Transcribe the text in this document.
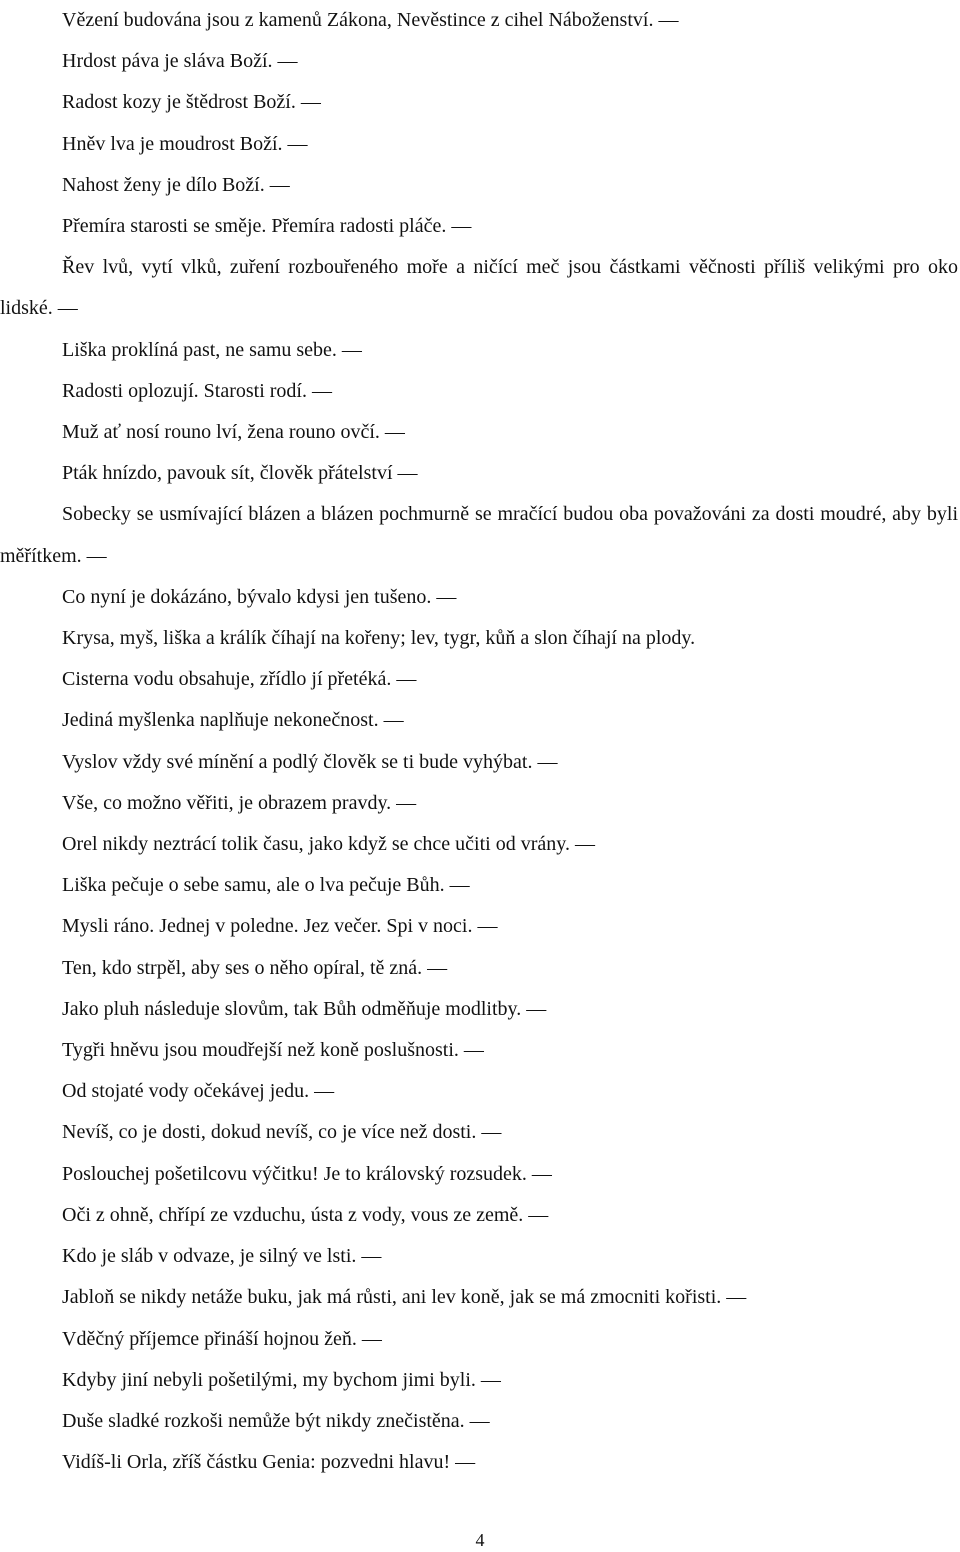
Vězení budována jsou z kamenů Zákona, Nevěstince z cihel Náboženství. —

Hrdost páva je sláva Boží. —

Radost kozy je štědrost Boží. —

Hněv lva je moudrost Boží. —

Nahost ženy je dílo Boží. —

Přemíra starosti se směje. Přemíra radosti pláče. —

Řev lvů, vytí vlků, zuření rozbouřeného moře a ničící meč jsou částkami věčnosti příliš velikými pro oko lidské. —

Liška proklíná past, ne samu sebe. —

Radosti oplozují. Starosti rodí. —

Muž ať nosí rouno lví, žena rouno ovčí. —

Pták hnízdo, pavouk sít, člověk přátelství —

Sobecky se usmívající blázen a blázen pochmurně se mračící budou oba považováni za dosti moudré, aby byli měřítkem. —

Co nyní je dokázáno, bývalo kdysi jen tušeno. —

Krysa, myš, liška a králík číhají na kořeny; lev, tygr, kůň a slon číhají na plody.

Cisterna vodu obsahuje, zřídlo jí přetéká. —

Jediná myšlenka naplňuje nekonečnost. —

Vyslov vždy své mínění a podlý člověk se ti bude vyhýbat. —

Vše, co možno věřiti, je obrazem pravdy. —

Orel nikdy neztrácí tolik času, jako když se chce učiti od vrány. —

Liška pečuje o sebe samu, ale o lva pečuje Bůh. —

Mysli ráno. Jednej v poledne. Jez večer. Spi v noci. —

Ten, kdo strpěl, aby ses o něho opíral, tě zná. —

Jako pluh následuje slovům, tak Bůh odměňuje modlitby. —

Tygři hněvu jsou moudřejší než koně poslušnosti. —

Od stojaté vody očekávej jedu. —

Nevíš, co je dosti, dokud nevíš, co je více než dosti. —

Poslouchej pošetilcovu výčitku! Je to královský rozsudek. —

Oči z ohně, chřípí ze vzduchu, ústa z vody, vous ze země. —

Kdo je sláb v odvaze, je silný ve lsti. —

Jabloň se nikdy netáže buku, jak má růsti, ani lev koně, jak se má zmocniti kořisti. —

Vděčný příjemce přináší hojnou žeň. —

Kdyby jiní nebyli pošetilými, my bychom jimi byli. —

Duše sladké rozkoši nemůže být nikdy znečistěna. —

Vidíš-li Orla, zříš částku Genia: pozvedni hlavu! —

4
